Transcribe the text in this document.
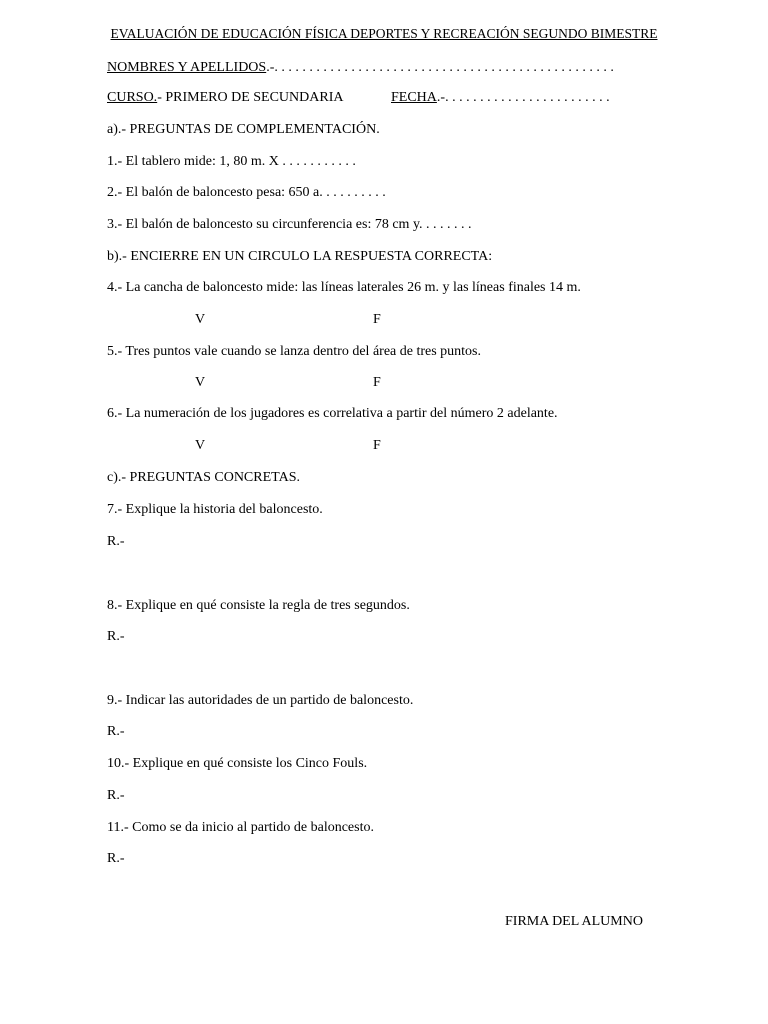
EVALUACIÓN DE EDUCACIÓN FÍSICA DEPORTES Y RECREACIÓN SEGUNDO BIMESTRE
NOMBRES Y APELLIDOS.-. . . . . . . . . . . . . . . . . . . . . . . . . . . . . . . . . . . . . . . . . . . . . . . . .
CURSO.- PRIMERO DE SECUNDARIA	FECHA.-. . . . . . . . . . . . . . . . . . . . . . . .
a).- PREGUNTAS DE COMPLEMENTACIÓN.
1.- El tablero mide: 1, 80 m. X . . . . . . . . . . .
2.- El balón de baloncesto pesa: 650 a. . . . . . . . . .
3.- El balón de baloncesto su circunferencia es: 78 cm y. . . . . . . .
b).- ENCIERRE EN UN CIRCULO LA RESPUESTA CORRECTA:
4.- La cancha de baloncesto mide: las líneas laterales 26 m. y las líneas finales 14 m.
V	F
5.- Tres puntos vale cuando se lanza dentro del área de tres puntos.
V	F
6.- La numeración de los jugadores es correlativa a partir del número 2 adelante.
V	F
c).- PREGUNTAS CONCRETAS.
7.- Explique la historia del baloncesto.
R.-
8.- Explique en qué consiste la regla de tres segundos.
R.-
9.- Indicar las autoridades de un partido de baloncesto.
R.-
10.- Explique en qué consiste los Cinco Fouls.
R.-
11.- Como se da inicio al partido de baloncesto.
R.-
FIRMA DEL ALUMNO
